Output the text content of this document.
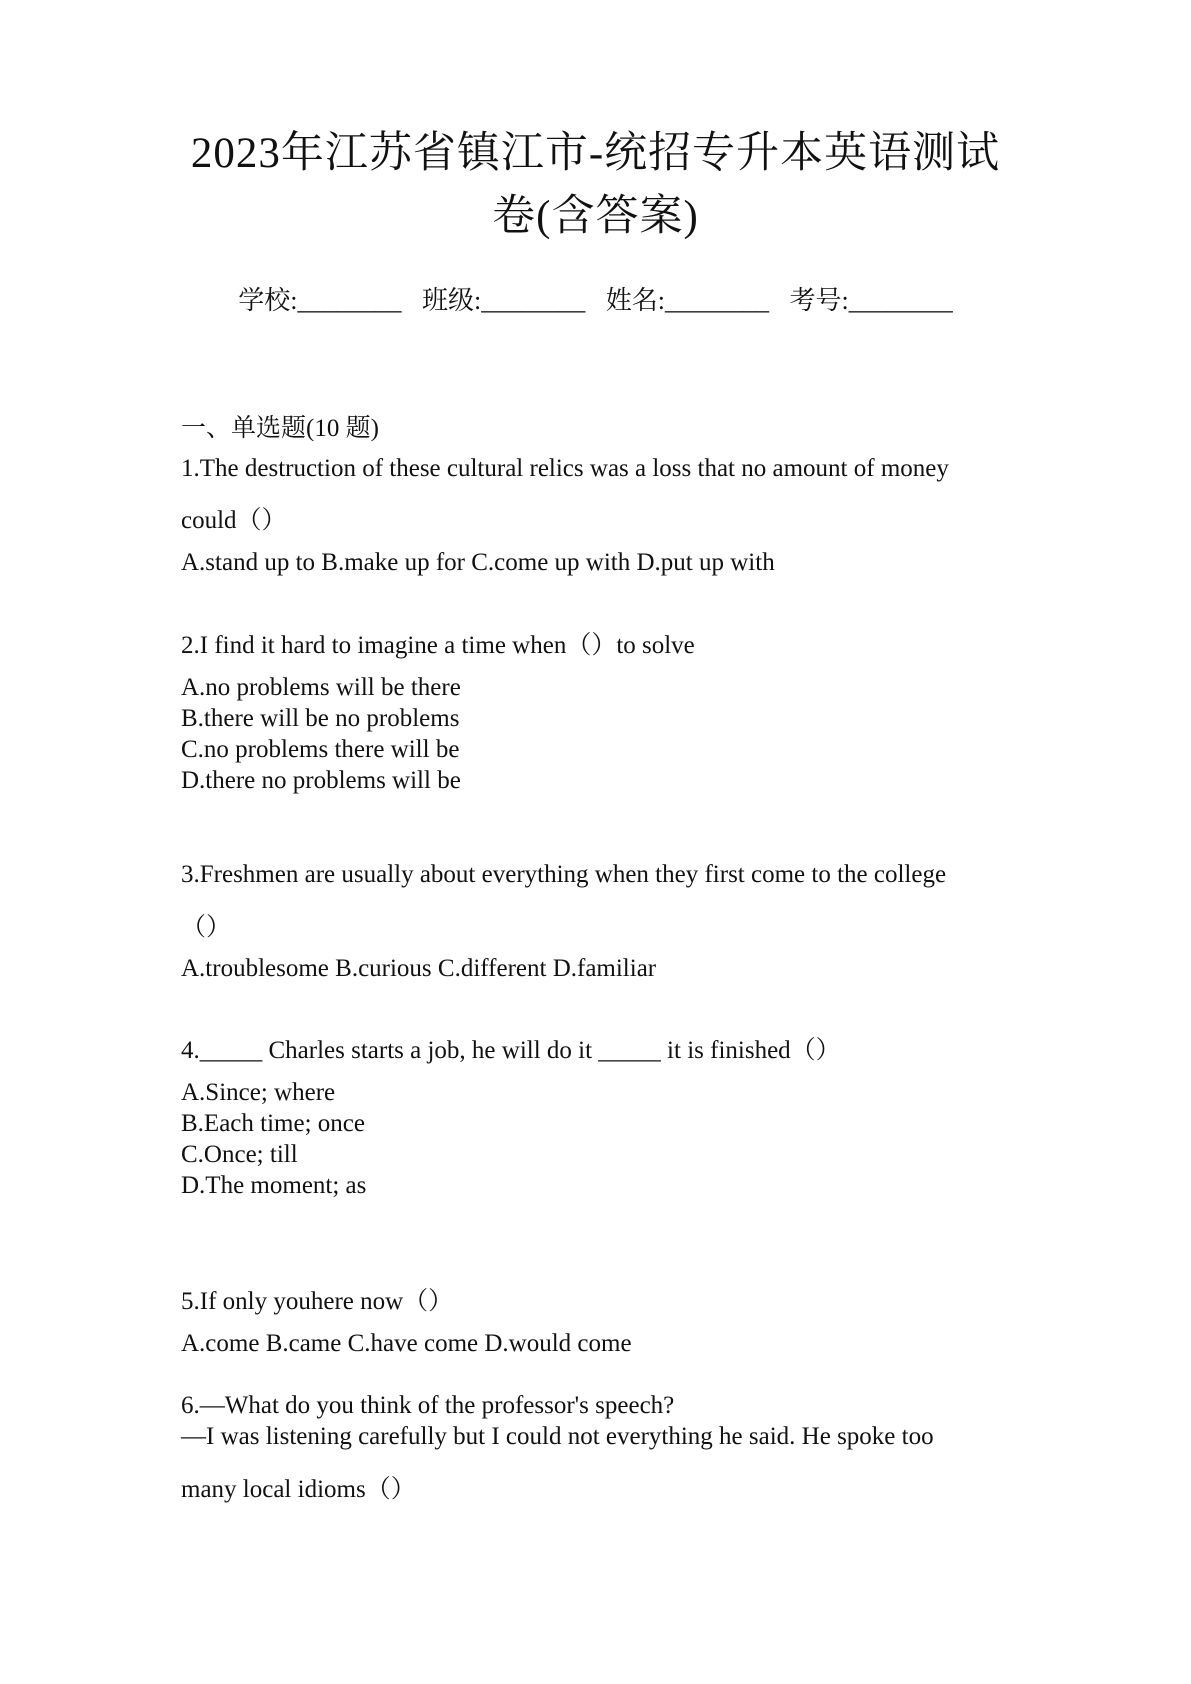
2023年江苏省镇江市-统招专升本英语测试
卷(含答案)
学校:________ 班级:________ 姓名:________ 考号:________
一、单选题(10 题)
1.The destruction of these cultural relics was a loss that no amount of money
could（）
A.stand up to B.make up for C.come up with D.put up with
2.I find it hard to imagine a time when（）to solve
A.no problems will be there
B.there will be no problems
C.no problems there will be
D.there no problems will be
3.Freshmen are usually about everything when they first come to the college
（）
A.troublesome B.curious C.different D.familiar
4._____ Charles starts a job, he will do it _____ it is finished（）
A.Since; where
B.Each time; once
C.Once; till
D.The moment; as
5.If only youhere now（）
A.come B.came C.have come D.would come
6.—What do you think of the professor's speech?
—I was listening carefully but I could not everything he said. He spoke too
many local idioms（）
